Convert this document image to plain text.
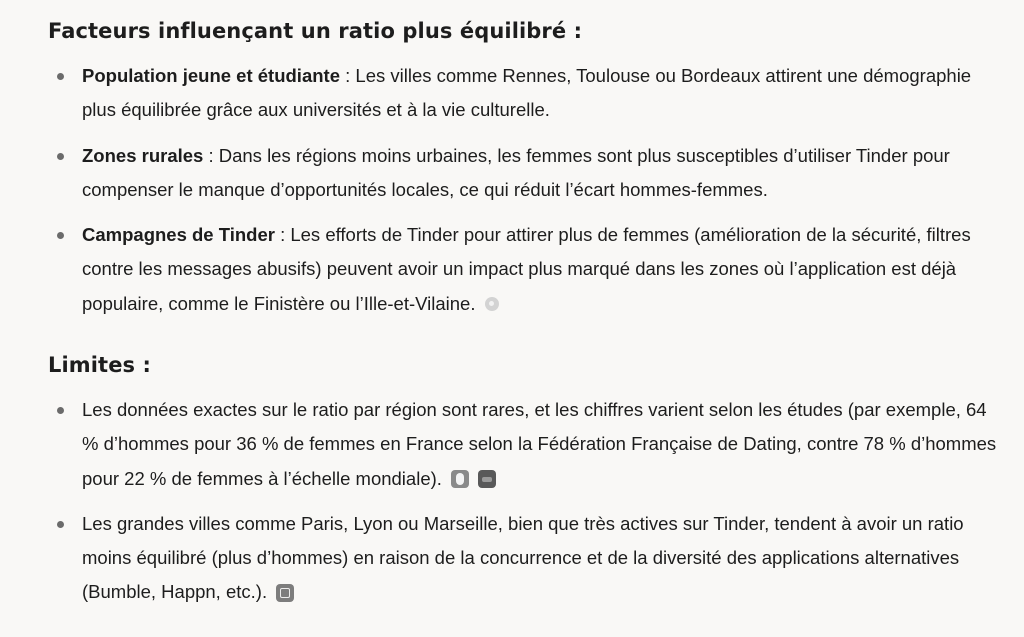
Facteurs influençant un ratio plus équilibré :
Population jeune et étudiante : Les villes comme Rennes, Toulouse ou Bordeaux attirent une démographie plus équilibrée grâce aux universités et à la vie culturelle.
Zones rurales : Dans les régions moins urbaines, les femmes sont plus susceptibles d’utiliser Tinder pour compenser le manque d’opportunités locales, ce qui réduit l’écart hommes-femmes.
Campagnes de Tinder : Les efforts de Tinder pour attirer plus de femmes (amélioration de la sécurité, filtres contre les messages abusifs) peuvent avoir un impact plus marqué dans les zones où l’application est déjà populaire, comme le Finistère ou l’Ille-et-Vilaine.
Limites :
Les données exactes sur le ratio par région sont rares, et les chiffres varient selon les études (par exemple, 64 % d’hommes pour 36 % de femmes en France selon la Fédération Française de Dating, contre 78 % d’hommes pour 22 % de femmes à l’échelle mondiale).
Les grandes villes comme Paris, Lyon ou Marseille, bien que très actives sur Tinder, tendent à avoir un ratio moins équilibré (plus d’hommes) en raison de la concurrence et de la diversité des applications alternatives (Bumble, Happn, etc.).
